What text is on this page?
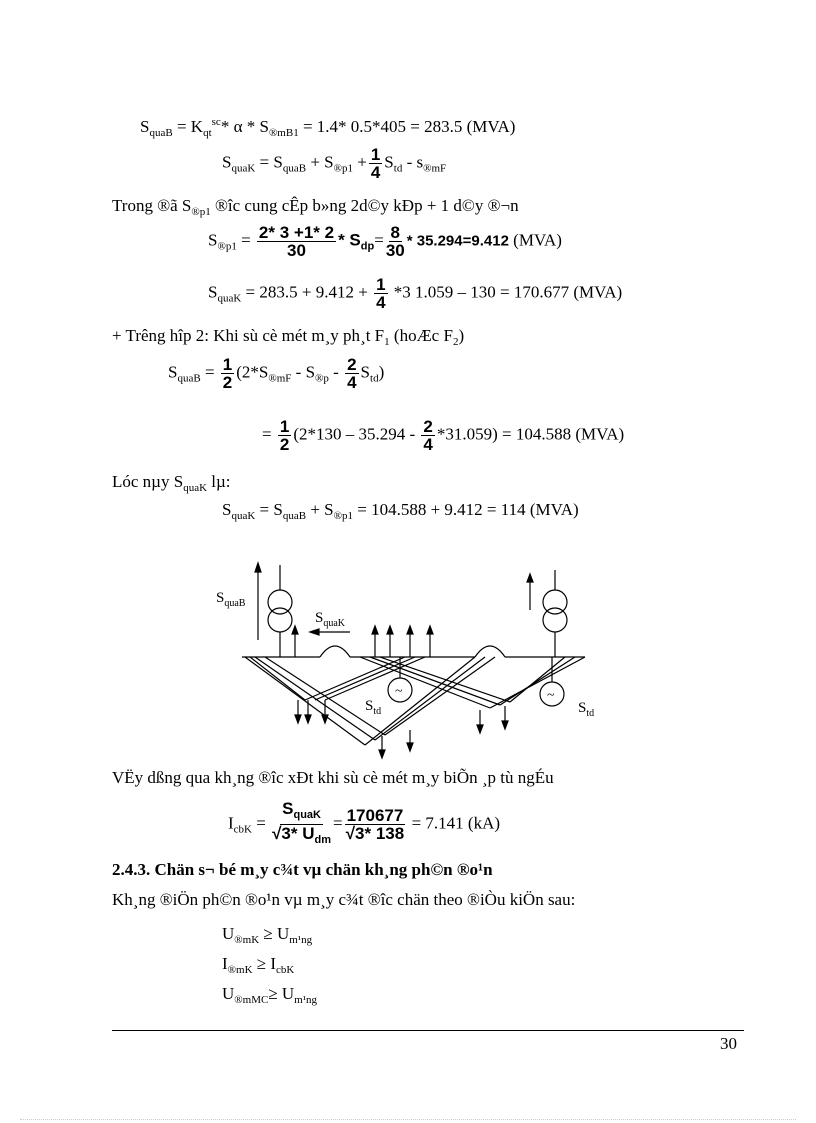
$S_{quaB} = K_{qt}^{sc}*$ $\alpha * S_{®mB1} = 1.4*$ 0.5*405 = 283.5 (MVA)
$S_{quaK} = S_{quaB} + S_{®p1} + \frac{1}{4} S_{td} - s_{®mF}$
Trong ®ã $S_{®p1}$ ®îc cung cÊp b»ng 2d©y kÐp + 1 d©y ®¬n
$S_{®p1} = \frac{2* 3 +1* 2}{30} * S_{dp}= \frac{8}{30} * 35.294=9.412$ (MVA)
$S_{quaK} = 283.5 + 9.412 + \frac{1}{4} *3$ 1.059 – 130 = 170.677 (MVA)
+ Trêng hîp 2: Khi sù cè mét m¸y ph¸t $F_1$ (hoÆc $F_2$)
$S_{quaB} = \frac{1}{2} (2*S_{®mF} - S_{®p} - \frac{2}{4} S_{td})$
= $\frac{1}{2} (2*130 - 35.294 - \frac{2}{4} *31.059) = 104.588$ (MVA)
Lóc nµy $S_{quaK}$ lµ:
$S_{quaK} = S_{quaB} + S_{®p1} = 104.588 + 9.412 = 114$ (MVA)
~	~
$S_{quaB}$
$S_{quaK}$
$S_{td}$	$S_{td}$
VËy dßng qua kh¸ng ®îc xÐt khi sù cè mét m¸y biÕn ¸p tù ngÉu
$I_{cbK} = \frac{S_{quaK}}{√3* U_{dm}} = \frac{170677}{√3* 138} = 7.141$ (kA)
2.4.3. Chän s¬ bé m¸y c¾t vµ chän kh¸ng ph©n ®o¹n
Kh¸ng ®iÖn ph©n ®o¹n vµ m¸y c¾t ®îc chän theo ®iÒu kiÖn sau:
$U_{®mK} \ge U_{m^1ng}$
$I_{®mK} \ge I_{cbK}$
$U_{®mMC}\ge U_{m^1ng}$
30
